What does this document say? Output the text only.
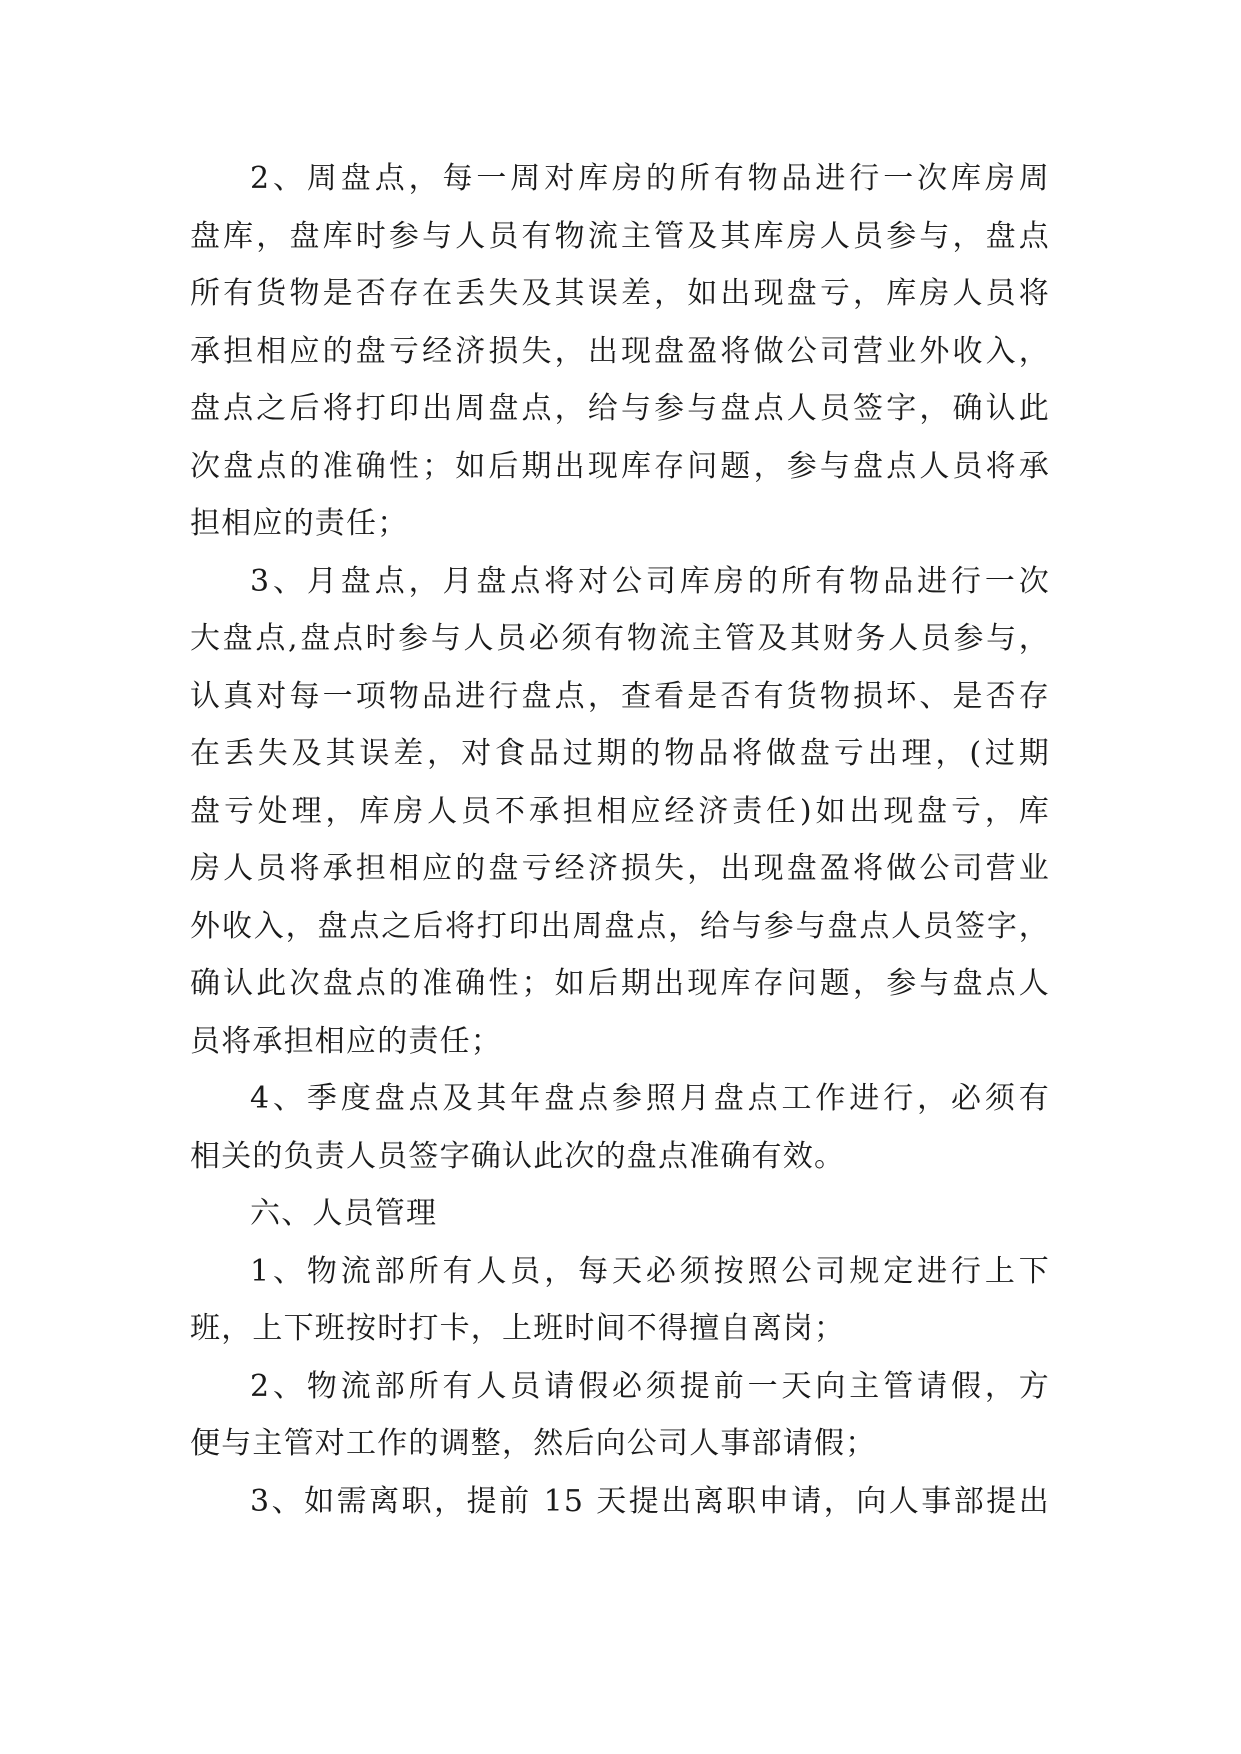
2、周盘点，每一周对库房的所有物品进行一次库房周
盘库，盘库时参与人员有物流主管及其库房人员参与，盘点
所有货物是否存在丢失及其误差，如出现盘亏，库房人员将
承担相应的盘亏经济损失，出现盘盈将做公司营业外收入，
盘点之后将打印出周盘点，给与参与盘点人员签字，确认此
次盘点的准确性；如后期出现库存问题，参与盘点人员将承
担相应的责任；
3、月盘点，月盘点将对公司库房的所有物品进行一次
大盘点,盘点时参与人员必须有物流主管及其财务人员参与，
认真对每一项物品进行盘点，查看是否有货物损坏、是否存
在丢失及其误差，对食品过期的物品将做盘亏出理，(过期
盘亏处理，库房人员不承担相应经济责任)如出现盘亏，库
房人员将承担相应的盘亏经济损失，出现盘盈将做公司营业
外收入，盘点之后将打印出周盘点，给与参与盘点人员签字，
确认此次盘点的准确性；如后期出现库存问题，参与盘点人
员将承担相应的责任；
4、季度盘点及其年盘点参照月盘点工作进行，必须有
相关的负责人员签字确认此次的盘点准确有效。
六、人员管理
1、物流部所有人员，每天必须按照公司规定进行上下
班，上下班按时打卡，上班时间不得擅自离岗；
2、物流部所有人员请假必须提前一天向主管请假，方
便与主管对工作的调整，然后向公司人事部请假；
3、如需离职，提前 15 天提出离职申请，向人事部提出
